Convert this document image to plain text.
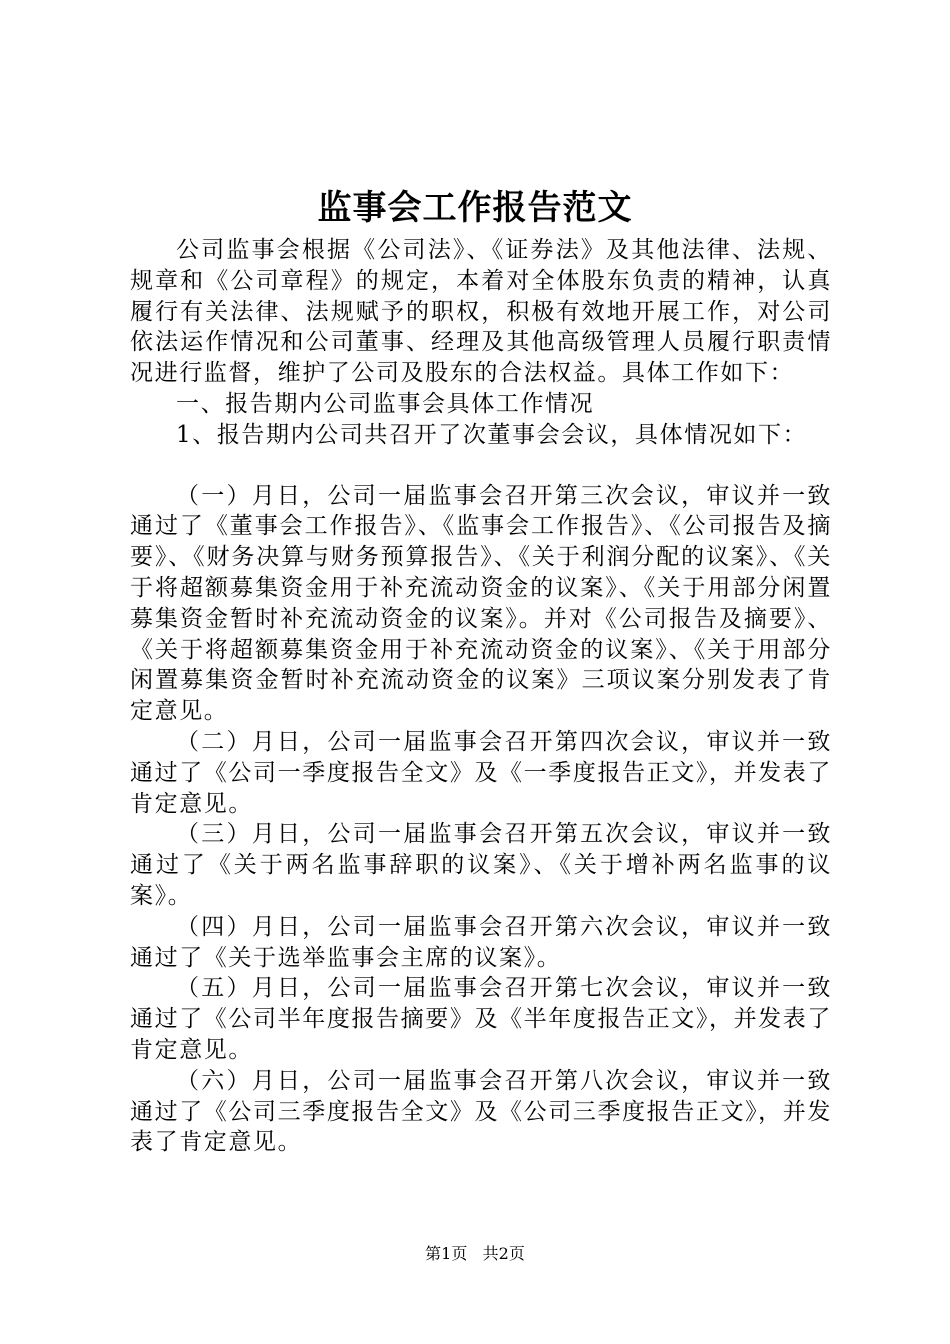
监事会工作报告范文

公司监事会根据《公司法》、《证券法》及其他法律、法规、规章和《公司章程》的规定，本着对全体股东负责的精神，认真履行有关法律、法规赋予的职权，积极有效地开展工作，对公司依法运作情况和公司董事、经理及其他高级管理人员履行职责情况进行监督，维护了公司及股东的合法权益。具体工作如下：

一、报告期内公司监事会具体工作情况

1、报告期内公司共召开了次董事会会议，具体情况如下：

（一）月日，公司一届监事会召开第三次会议，审议并一致通过了《董事会工作报告》、《监事会工作报告》、《公司报告及摘要》、《财务决算与财务预算报告》、《关于利润分配的议案》、《关于将超额募集资金用于补充流动资金的议案》、《关于用部分闲置募集资金暂时补充流动资金的议案》。并对《公司报告及摘要》、《关于将超额募集资金用于补充流动资金的议案》、《关于用部分闲置募集资金暂时补充流动资金的议案》三项议案分别发表了肯定意见。

（二）月日，公司一届监事会召开第四次会议，审议并一致通过了《公司一季度报告全文》及《一季度报告正文》，并发表了肯定意见。

（三）月日，公司一届监事会召开第五次会议，审议并一致通过了《关于两名监事辞职的议案》、《关于增补两名监事的议案》。

（四）月日，公司一届监事会召开第六次会议，审议并一致通过了《关于选举监事会主席的议案》。

（五）月日，公司一届监事会召开第七次会议，审议并一致通过了《公司半年度报告摘要》及《半年度报告正文》，并发表了肯定意见。

（六）月日，公司一届监事会召开第八次会议，审议并一致通过了《公司三季度报告全文》及《公司三季度报告正文》，并发表了肯定意见。

第1页 共2页
